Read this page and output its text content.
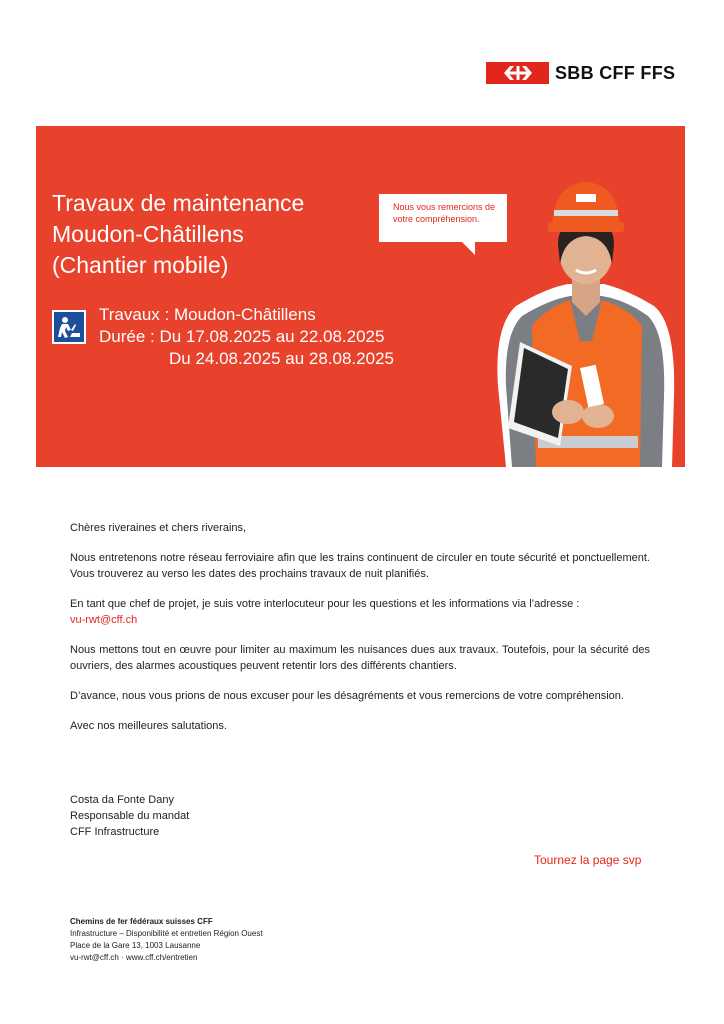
SBB CFF FFS
Travaux de maintenance
Moudon-Châtillens
(Chantier mobile)
Travaux : Moudon-Châtillens
Durée : Du 17.08.2025 au 22.08.2025
Du 24.08.2025 au 28.08.2025
Nous vous remercions de votre compréhension.

Chères riveraines et chers riverains,

Nous entretenons notre réseau ferroviaire afin que les trains continuent de circuler en toute sécurité et ponctuellement. Vous trouverez au verso les dates des prochains travaux de nuit planifiés.

En tant que chef de projet, je suis votre interlocuteur pour les questions et les informations via l’adresse :
vu-rwt@cff.ch

Nous mettons tout en œuvre pour limiter au maximum les nuisances dues aux travaux. Toutefois, pour la sécurité des ouvriers, des alarmes acoustiques peuvent retentir lors des différents chantiers.

D’avance, nous vous prions de nous excuser pour les désagréments et vous remercions de votre compréhension.

Avec nos meilleures salutations.

Costa da Fonte Dany
Responsable du mandat
CFF Infrastructure
Tournez la page svp
Chemins de fer fédéraux suisses CFF
Infrastructure – Disponibilité et entretien Région Ouest
Place de la Gare 13, 1003 Lausanne
vu-rwt@cff.ch · www.cff.ch/entretien
